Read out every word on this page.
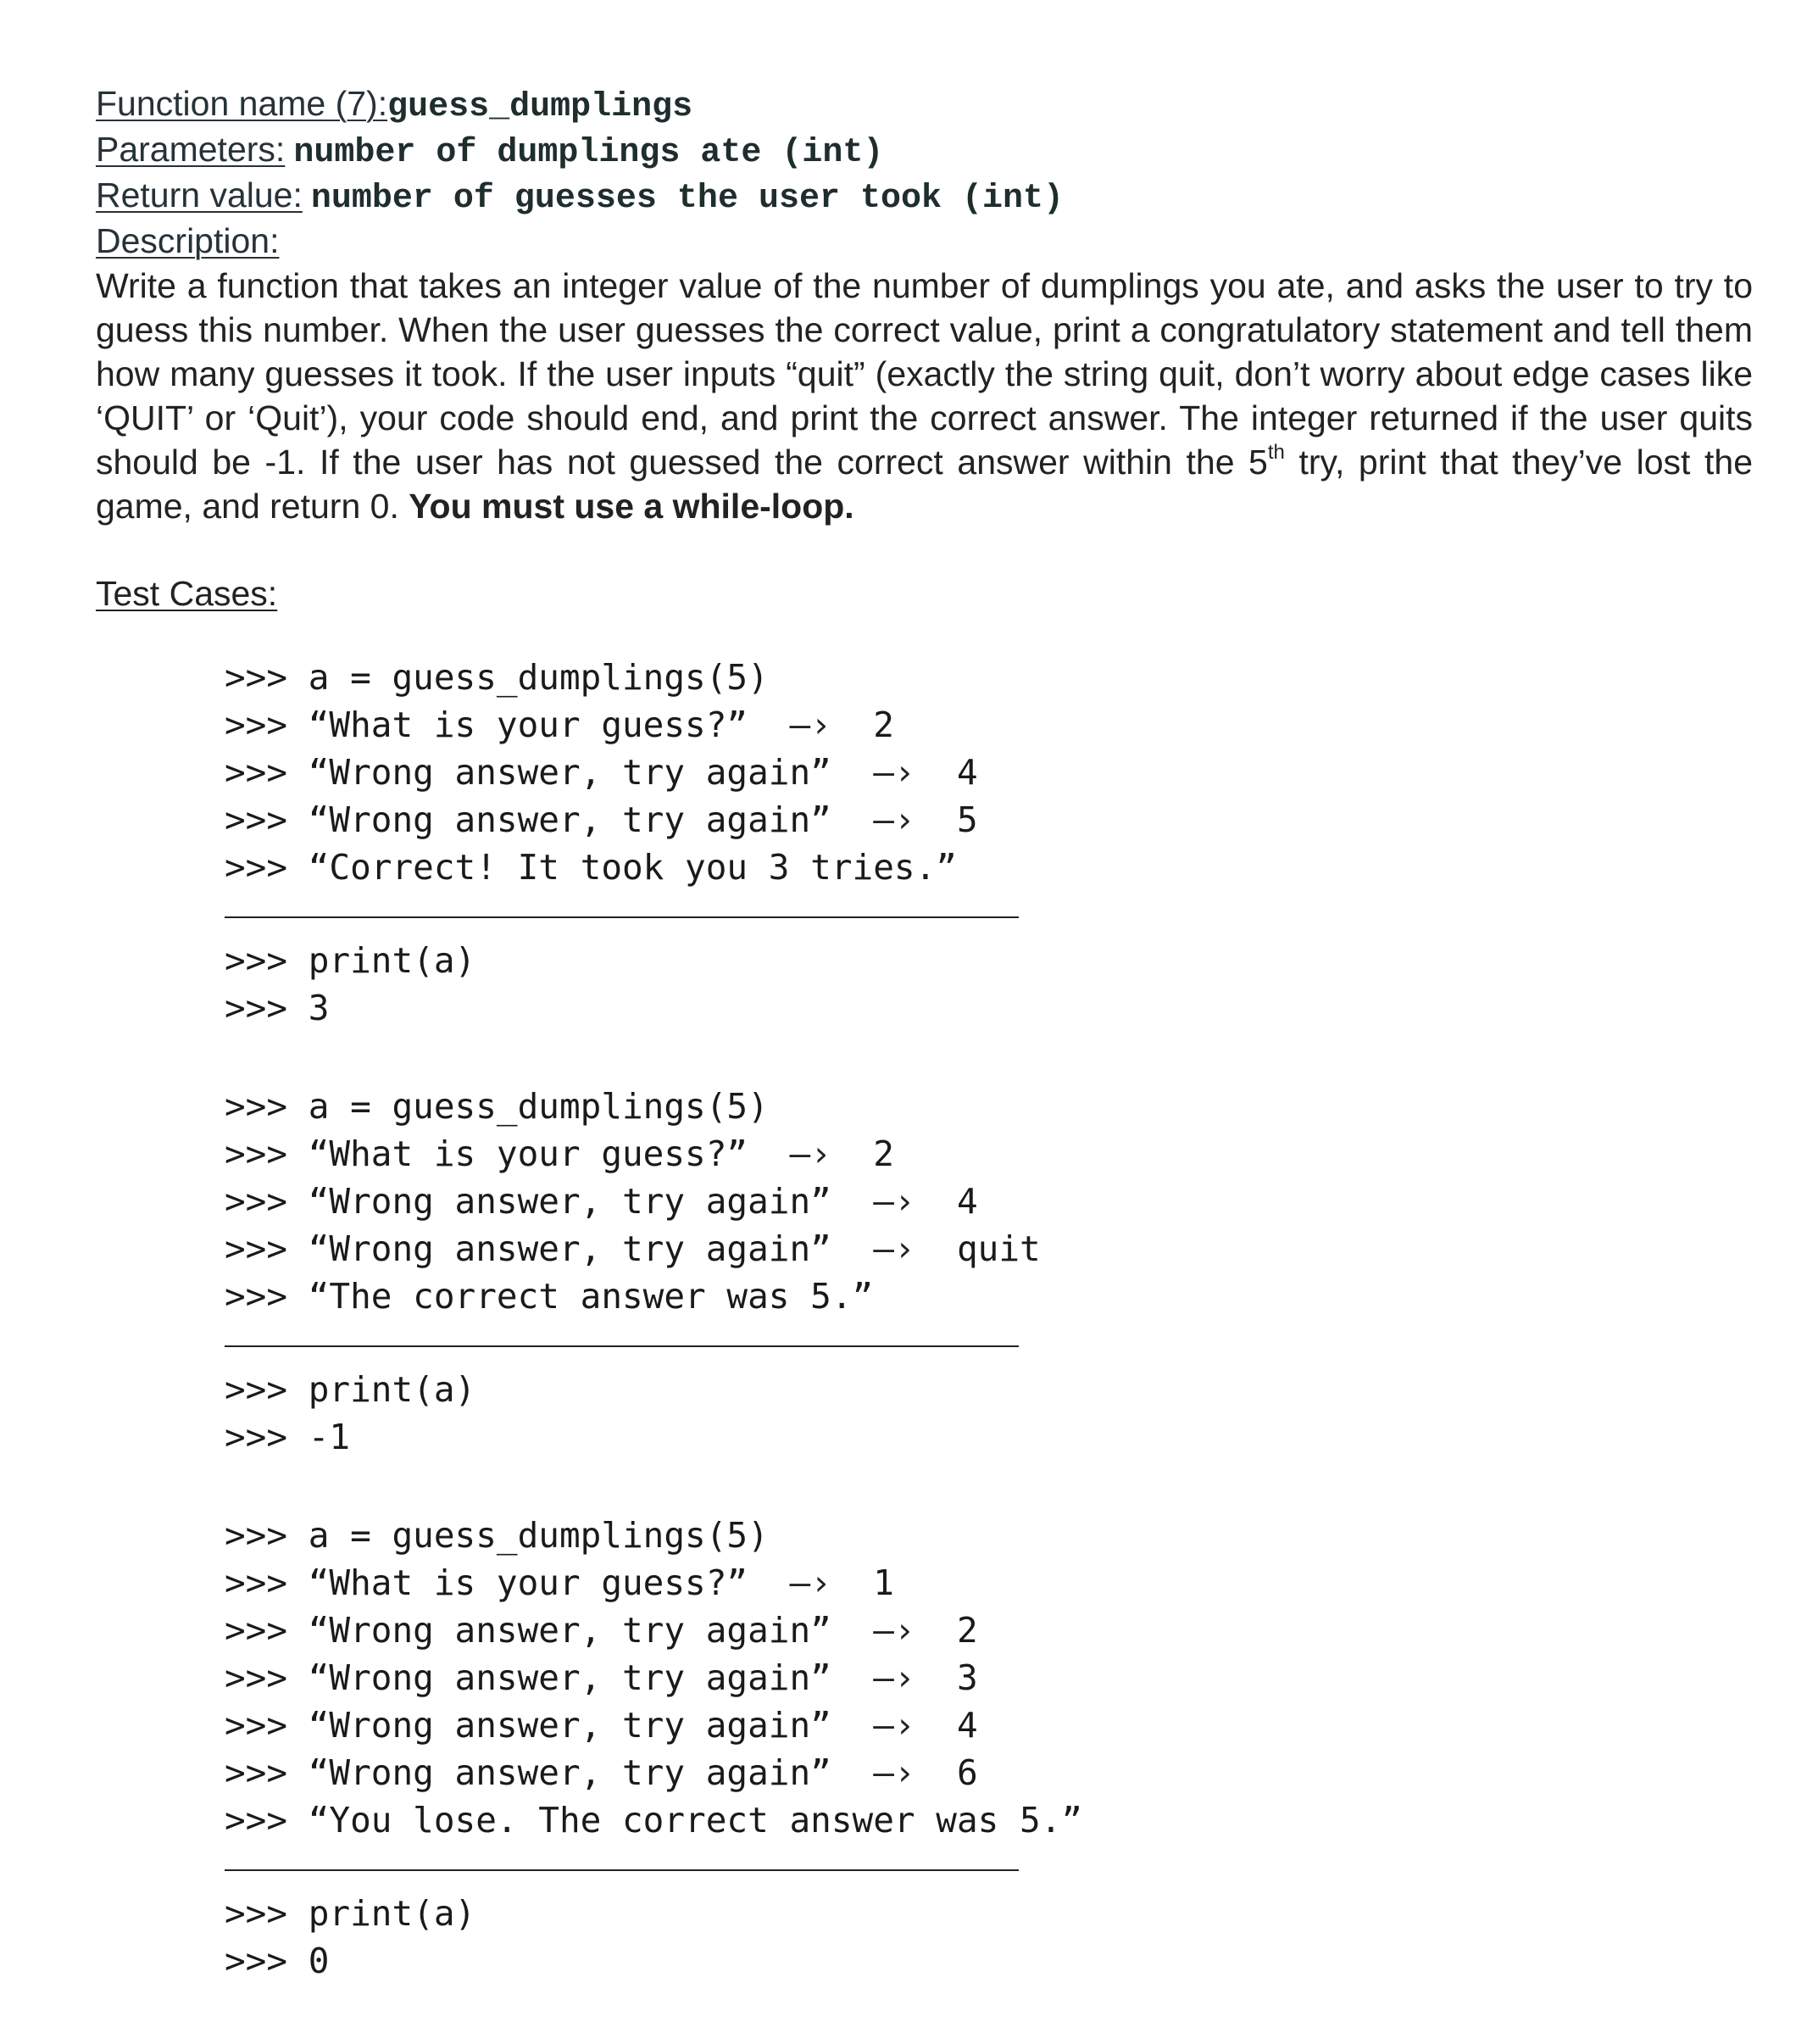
Function name (7):guess_dumplings
Parameters: number of dumplings ate (int)
Return value: number of guesses the user took (int)
Description:

Write a function that takes an integer value of the number of dumplings you ate, and asks the user to try to guess this number. When the user guesses the correct value, print a congratulatory statement and tell them how many guesses it took. If the user inputs “quit” (exactly the string quit, don’t worry about edge cases like ‘QUIT’ or ‘Quit’), your code should end, and print the correct answer. The integer returned if the user quits should be -1. If the user has not guessed the correct answer within the 5th try, print that they’ve lost the game, and return 0. You must use a while-loop.

Test Cases:
>>> a = guess_dumplings(5)
>>> “What is your guess?”  —› 2
>>> “Wrong answer, try again”  —› 4
>>> “Wrong answer, try again”  —› 5
>>> “Correct! It took you 3 tries.”
>>> print(a)
>>> 3
>>> a = guess_dumplings(5)
>>> “What is your guess?”  —› 2
>>> “Wrong answer, try again”  —› 4
>>> “Wrong answer, try again”  —› quit
>>> “The correct answer was 5.”
>>> print(a)
>>> -1
>>> a = guess_dumplings(5)
>>> “What is your guess?”  —› 1
>>> “Wrong answer, try again”  —› 2
>>> “Wrong answer, try again”  —› 3
>>> “Wrong answer, try again”  —› 4
>>> “Wrong answer, try again”  —› 6
>>> “You lose. The correct answer was 5.”
>>> print(a)
>>> 0
